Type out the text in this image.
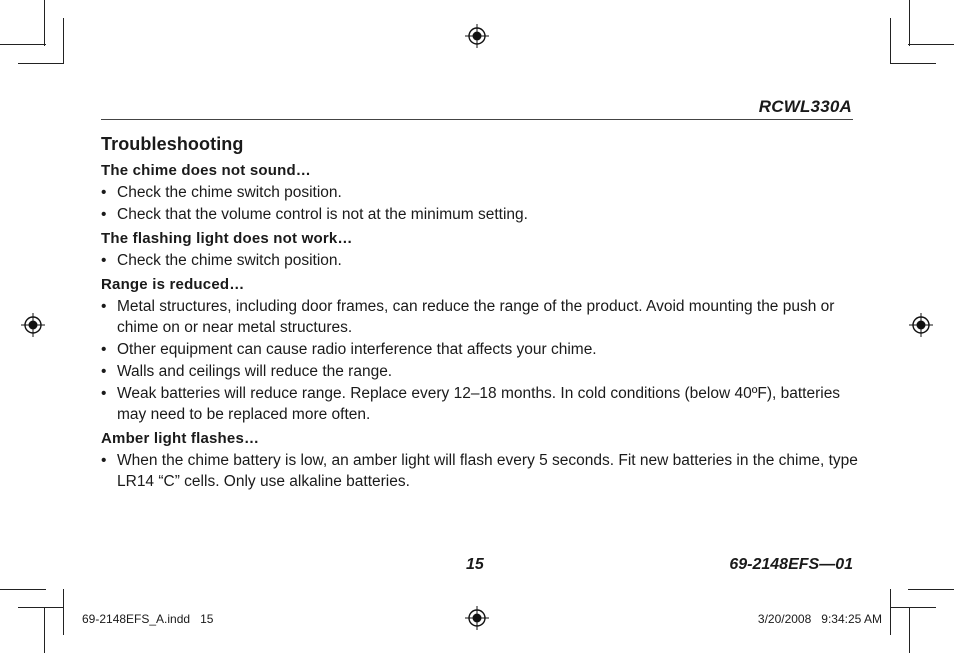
RCWL330A
Troubleshooting
The chime does not sound…
• Check the chime switch position.
• Check that the volume control is not at the minimum setting.
The flashing light does not work…
• Check the chime switch position.
Range is reduced…
• Metal structures, including door frames, can reduce the range of the product. Avoid mounting the push or chime on or near metal structures.
• Other equipment can cause radio interference that affects your chime.
• Walls and ceilings will reduce the range.
• Weak batteries will reduce range. Replace every 12–18 months. In cold conditions (below 40ºF), batteries may need to be replaced more often.
Amber light flashes…
• When the chime battery is low, an amber light will flash every 5 seconds. Fit new batteries in the chime, type LR14 “C” cells. Only use alkaline batteries.
15	69-2148EFS—01
69-2148EFS_A.indd   15	3/20/2008   9:34:25 AM
